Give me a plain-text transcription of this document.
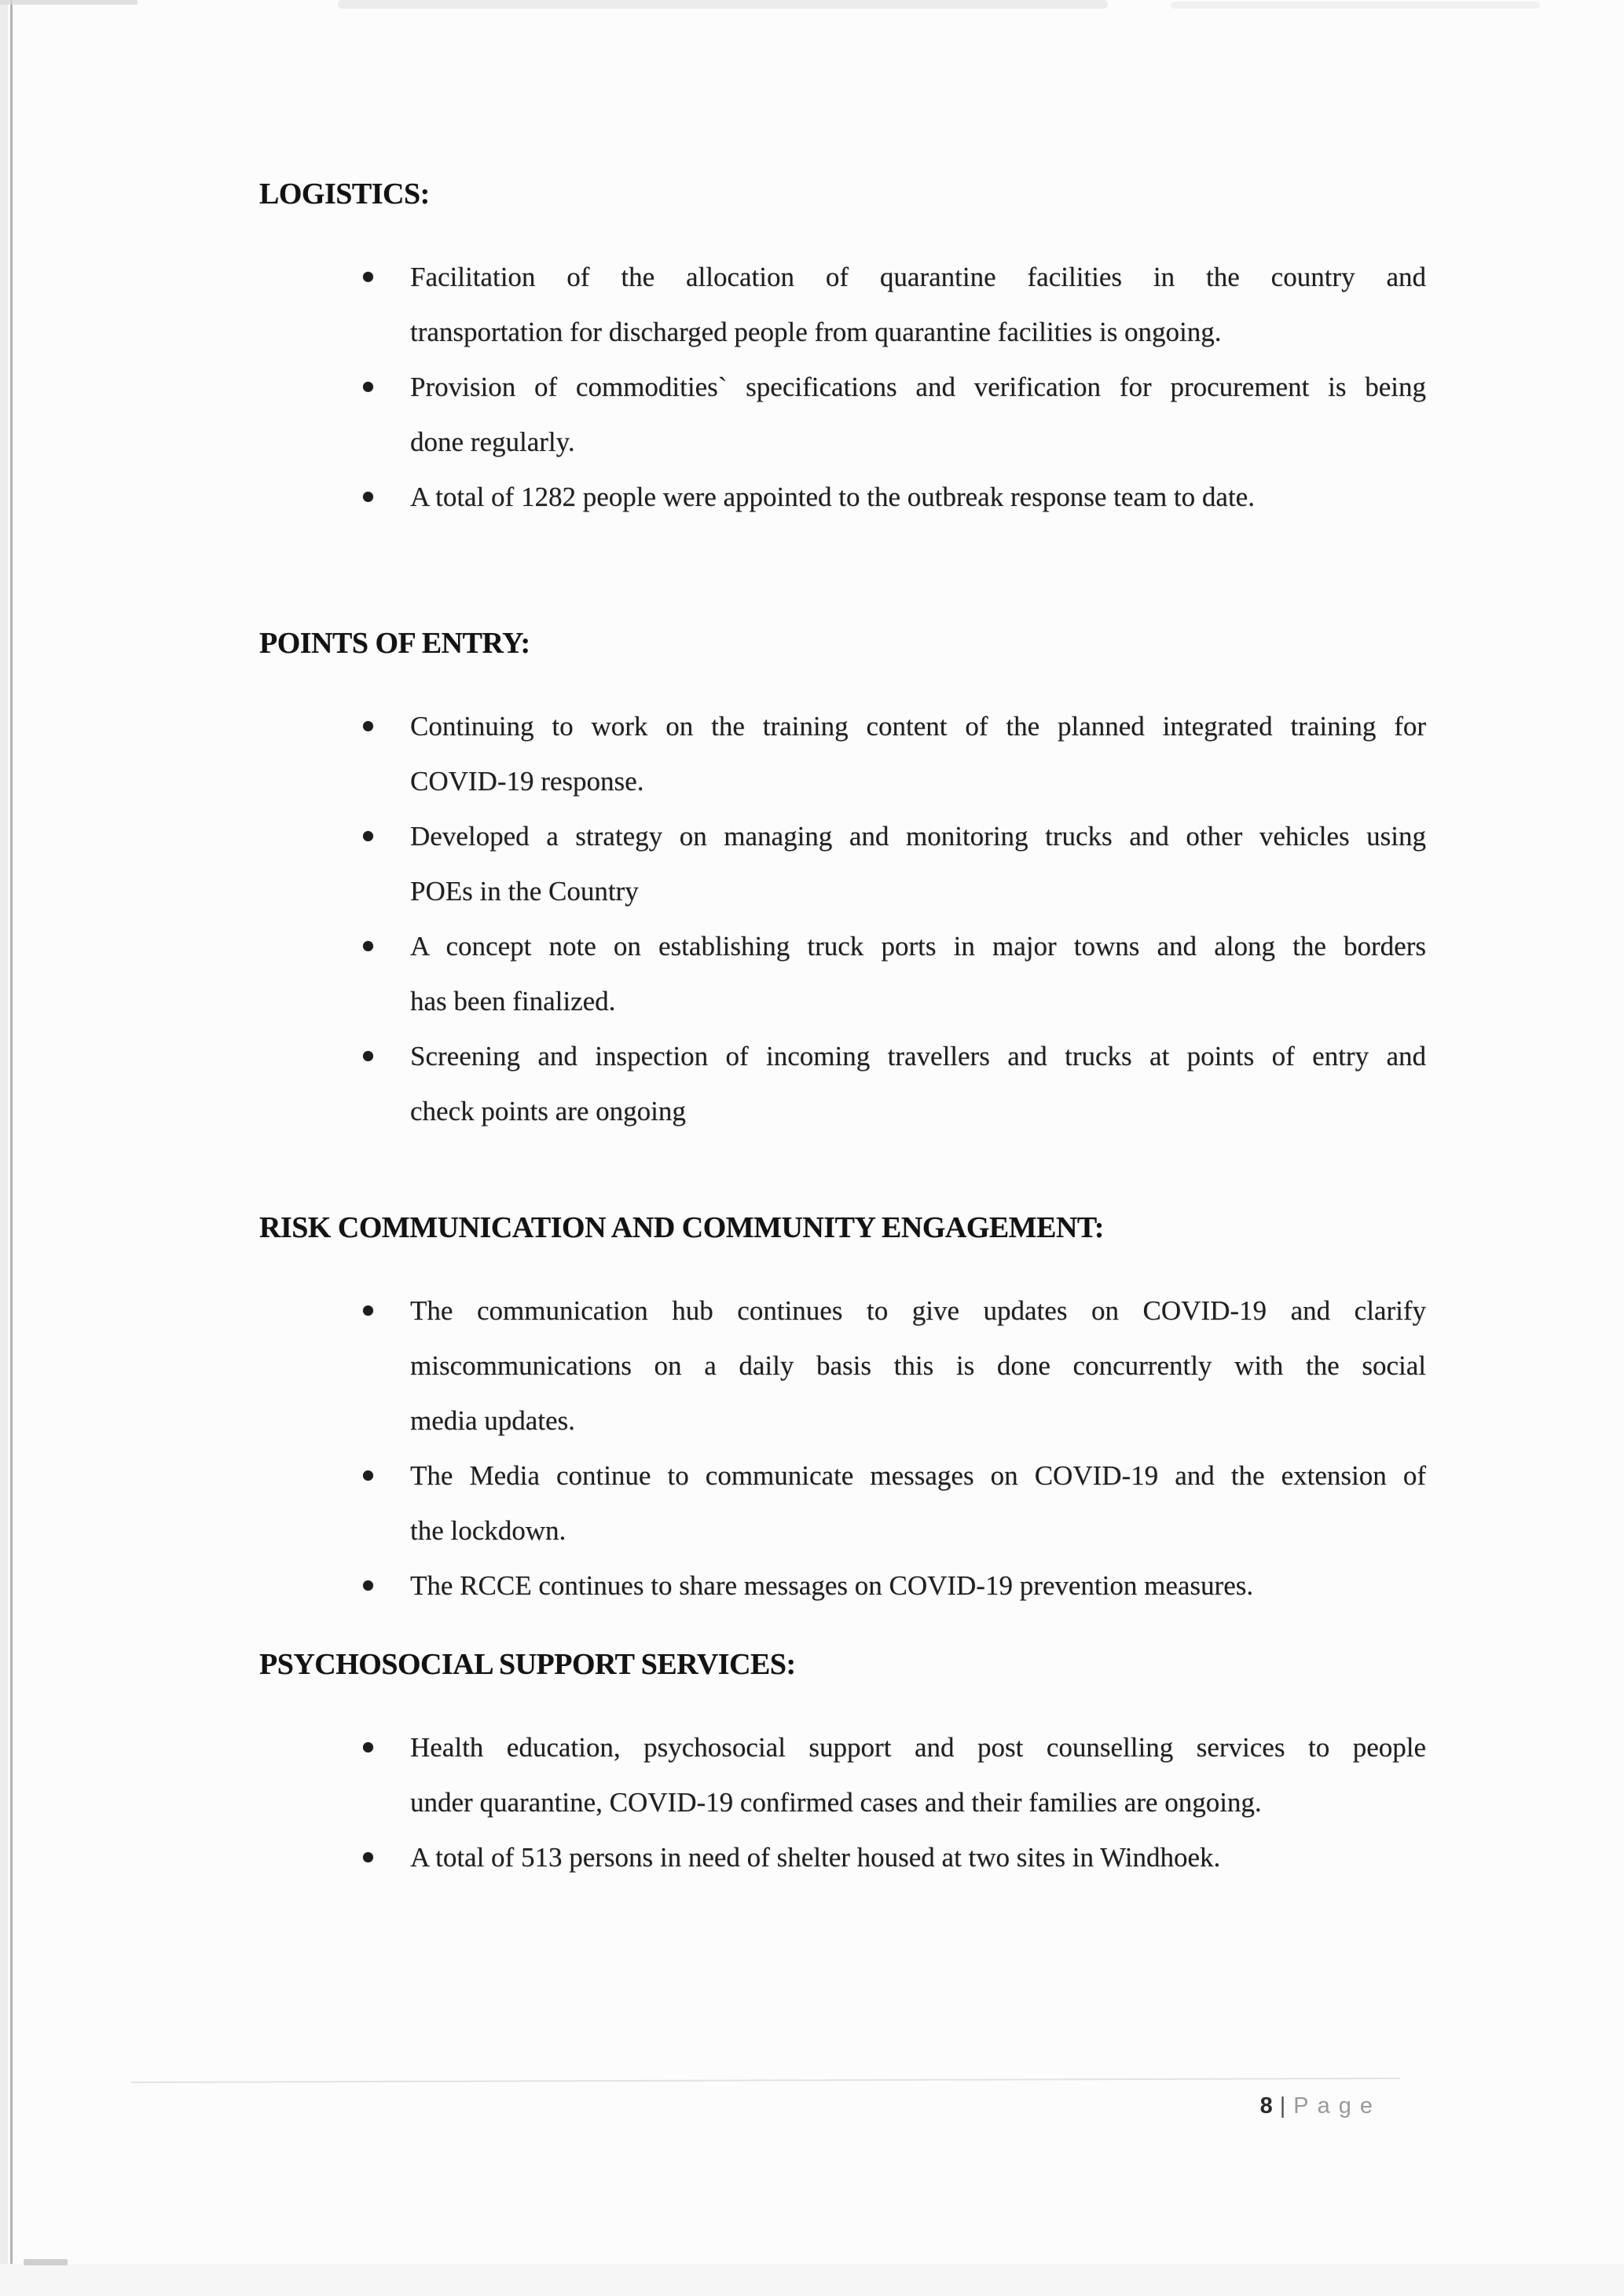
LOGISTICS:
Facilitation of the allocation of quarantine facilities in the country and
transportation for discharged people from quarantine facilities is ongoing.
Provision of commodities` specifications and verification for procurement is being
done regularly.
A total of 1282 people were appointed to the outbreak response team to date.
POINTS OF ENTRY:
Continuing to work on the training content of the planned integrated training for
COVID-19 response.
Developed a strategy on managing and monitoring trucks and other vehicles using
POEs in the Country
A concept note on establishing truck ports in major towns and along the borders
has been finalized.
Screening and inspection of incoming travellers and trucks at points of entry and
check points are ongoing
RISK COMMUNICATION AND COMMUNITY ENGAGEMENT:
The communication hub continues to give updates on COVID-19 and clarify
miscommunications on a daily basis this is done concurrently with the social
media updates.
The Media continue to communicate messages on COVID-19 and the extension of
the lockdown.
The RCCE continues to share messages on COVID-19 prevention measures.
PSYCHOSOCIAL SUPPORT SERVICES:
Health education, psychosocial support and post counselling services to people
under quarantine, COVID-19 confirmed cases and their families are ongoing.
A total of 513 persons in need of shelter housed at two sites in Windhoek.
8 | Page
